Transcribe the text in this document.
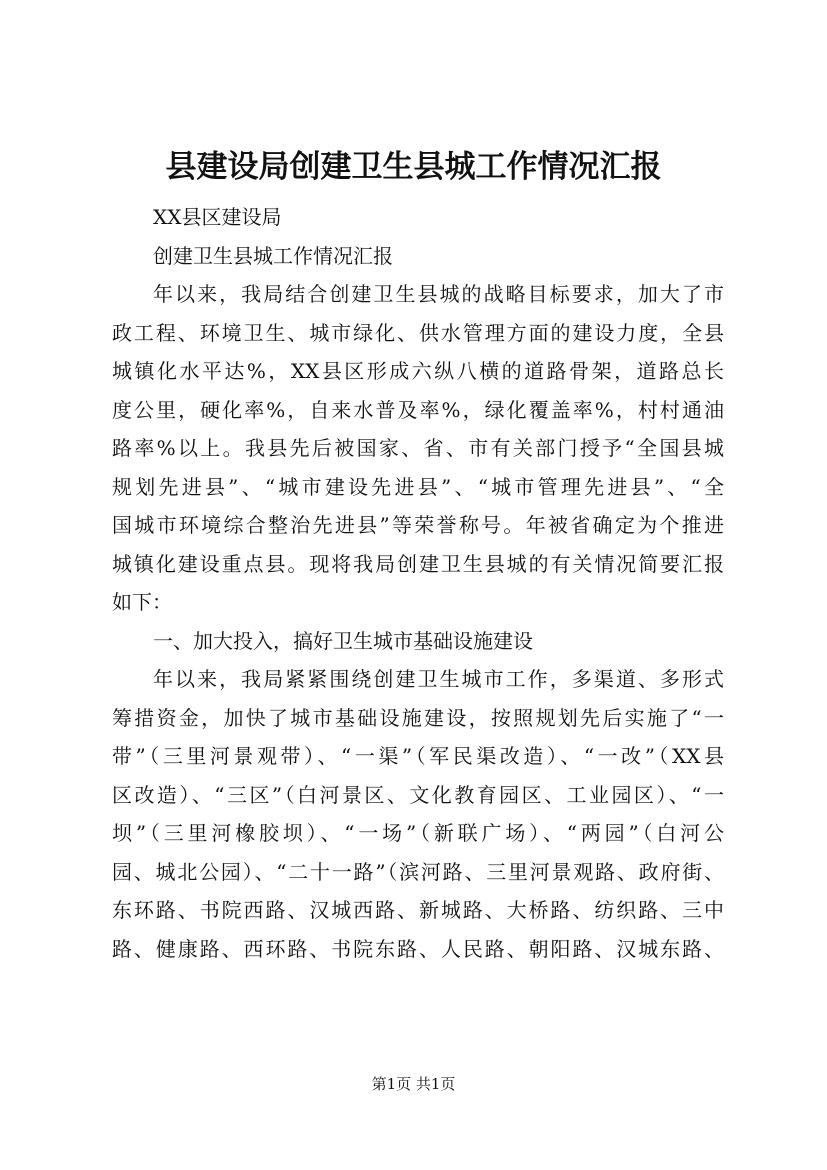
县建设局创建卫生县城工作情况汇报
XX县区建设局
创建卫生县城工作情况汇报
年以来，我局结合创建卫生县城的战略目标要求，加大了市
政工程、环境卫生、城市绿化、供水管理方面的建设力度，全县
城镇化水平达%，XX县区形成六纵八横的道路骨架，道路总长
度公里，硬化率%，自来水普及率%，绿化覆盖率%，村村通油
路率%以上。我县先后被国家、省、市有关部门授予“全国县城
规划先进县”、“城市建设先进县”、“城市管理先进县”、“全
国城市环境综合整治先进县”等荣誉称号。年被省确定为个推进
城镇化建设重点县。现将我局创建卫生县城的有关情况简要汇报
如下：
一、加大投入，搞好卫生城市基础设施建设
年以来，我局紧紧围绕创建卫生城市工作，多渠道、多形式
筹措资金，加快了城市基础设施建设，按照规划先后实施了“一
带”（三里河景观带）、“一渠”（军民渠改造）、“一改”（XX县
区改造）、“三区”（白河景区、文化教育园区、工业园区）、“一
坝”（三里河橡胶坝）、“一场”（新联广场）、“两园”（白河公
园、城北公园）、“二十一路”（滨河路、三里河景观路、政府街、
东环路、书院西路、汉城西路、新城路、大桥路、纺织路、三中
路、健康路、西环路、书院东路、人民路、朝阳路、汉城东路、
第1页 共1页
